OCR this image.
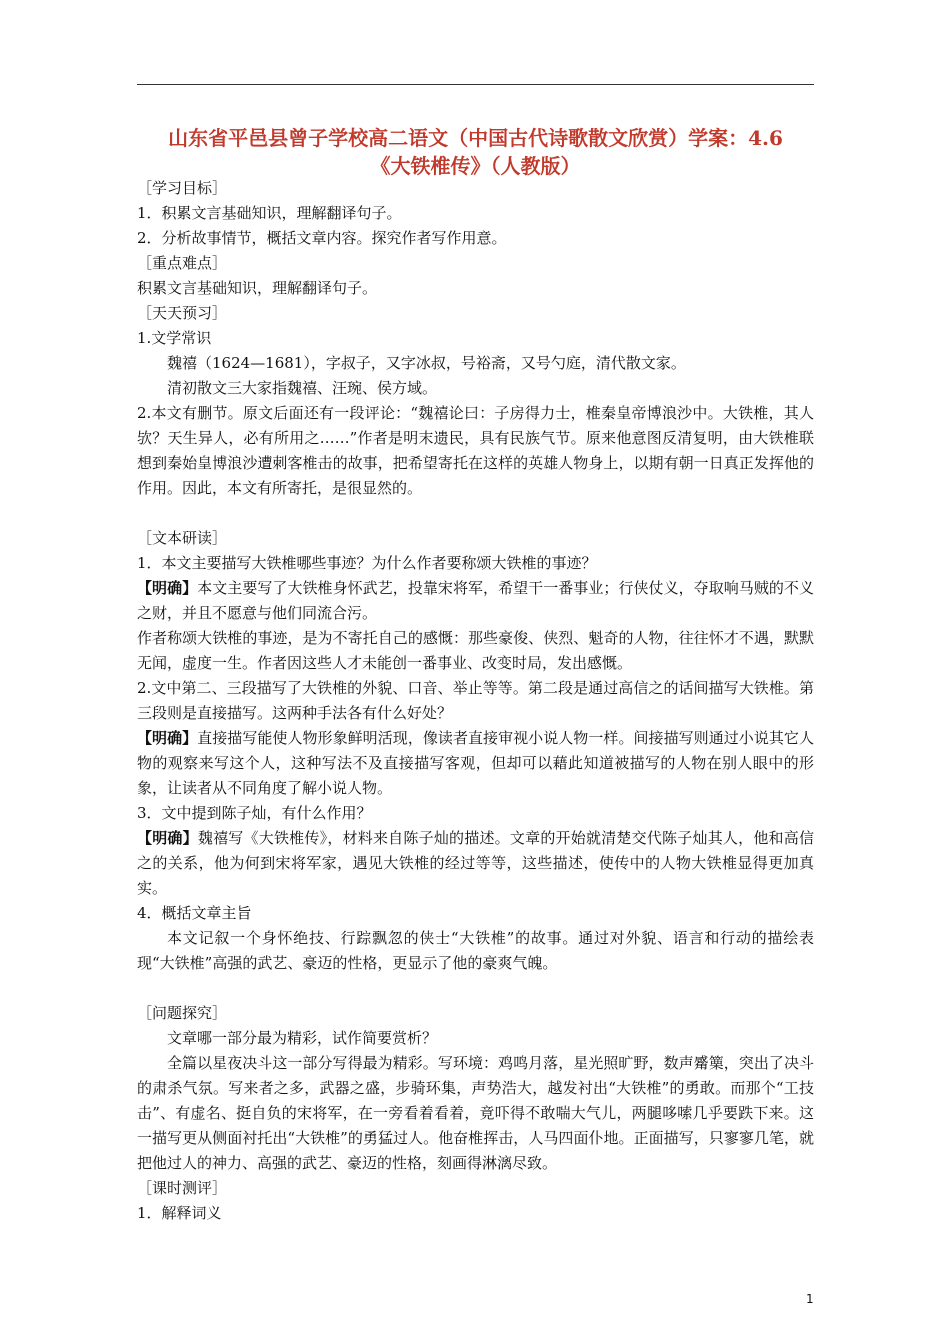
山东省平邑县曾子学校高二语文（中国古代诗歌散文欣赏）学案：4.6
《大铁椎传》（人教版）
［学习目标］
1．积累文言基础知识，理解翻译句子。
2．分析故事情节，概括文章内容。探究作者写作用意。
［重点难点］
积累文言基础知识，理解翻译句子。
［天天预习］
1.文学常识
魏禧（1624—1681），字叔子，又字冰叔，号裕斋，又号勺庭，清代散文家。
清初散文三大家指魏禧、汪琬、侯方域。
2.本文有删节。原文后面还有一段评论：“魏禧论曰：子房得力士，椎秦皇帝博浪沙中。大铁椎，其人欤？天生异人，必有所用之……”作者是明末遗民，具有民族气节。原来他意图反清复明，由大铁椎联想到秦始皇博浪沙遭刺客椎击的故事，把希望寄托在这样的英雄人物身上，以期有朝一日真正发挥他的作用。因此，本文有所寄托，是很显然的。
［文本研读］
1．本文主要描写大铁椎哪些事迹？为什么作者要称颂大铁椎的事迹？
【明确】本文主要写了大铁椎身怀武艺，投靠宋将军，希望干一番事业；行侠仗义，夺取响马贼的不义之财，并且不愿意与他们同流合污。
作者称颂大铁椎的事迹，是为不寄托自己的感慨：那些豪俊、侠烈、魁奇的人物，往往怀才不遇，默默无闻，虚度一生。作者因这些人才未能创一番事业、改变时局，发出感慨。
2.文中第二、三段描写了大铁椎的外貌、口音、举止等等。第二段是通过高信之的话间描写大铁椎。第三段则是直接描写。这两种手法各有什么好处？
【明确】直接描写能使人物形象鲜明活现，像读者直接审视小说人物一样。间接描写则通过小说其它人物的观察来写这个人，这种写法不及直接描写客观，但却可以藉此知道被描写的人物在别人眼中的形象，让读者从不同角度了解小说人物。
3．文中提到陈子灿，有什么作用？
【明确】魏禧写《大铁椎传》，材料来自陈子灿的描述。文章的开始就清楚交代陈子灿其人，他和高信之的关系，他为何到宋将军家，遇见大铁椎的经过等等，这些描述，使传中的人物大铁椎显得更加真实。
4．概括文章主旨
本文记叙一个身怀绝技、行踪飘忽的侠士“大铁椎”的故事。通过对外貌、语言和行动的描绘表现“大铁椎”高强的武艺、豪迈的性格，更显示了他的豪爽气魄。
［问题探究］
文章哪一部分最为精彩，试作简要赏析？
全篇以星夜决斗这一部分写得最为精彩。写环境：鸡鸣月落，星光照旷野，数声觱篥，突出了决斗的肃杀气氛。写来者之多，武器之盛，步骑环集，声势浩大，越发衬出“大铁椎”的勇敢。而那个“工技击”、有虚名、挺自负的宋将军，在一旁看着看着，竟吓得不敢喘大气儿，两腿哆嗦几乎要跌下来。这一描写更从侧面衬托出“大铁椎”的勇猛过人。他奋椎挥击，人马四面仆地。正面描写，只寥寥几笔，就把他过人的神力、高强的武艺、豪迈的性格，刻画得淋漓尽致。
［课时测评］
1．解释词义
1
